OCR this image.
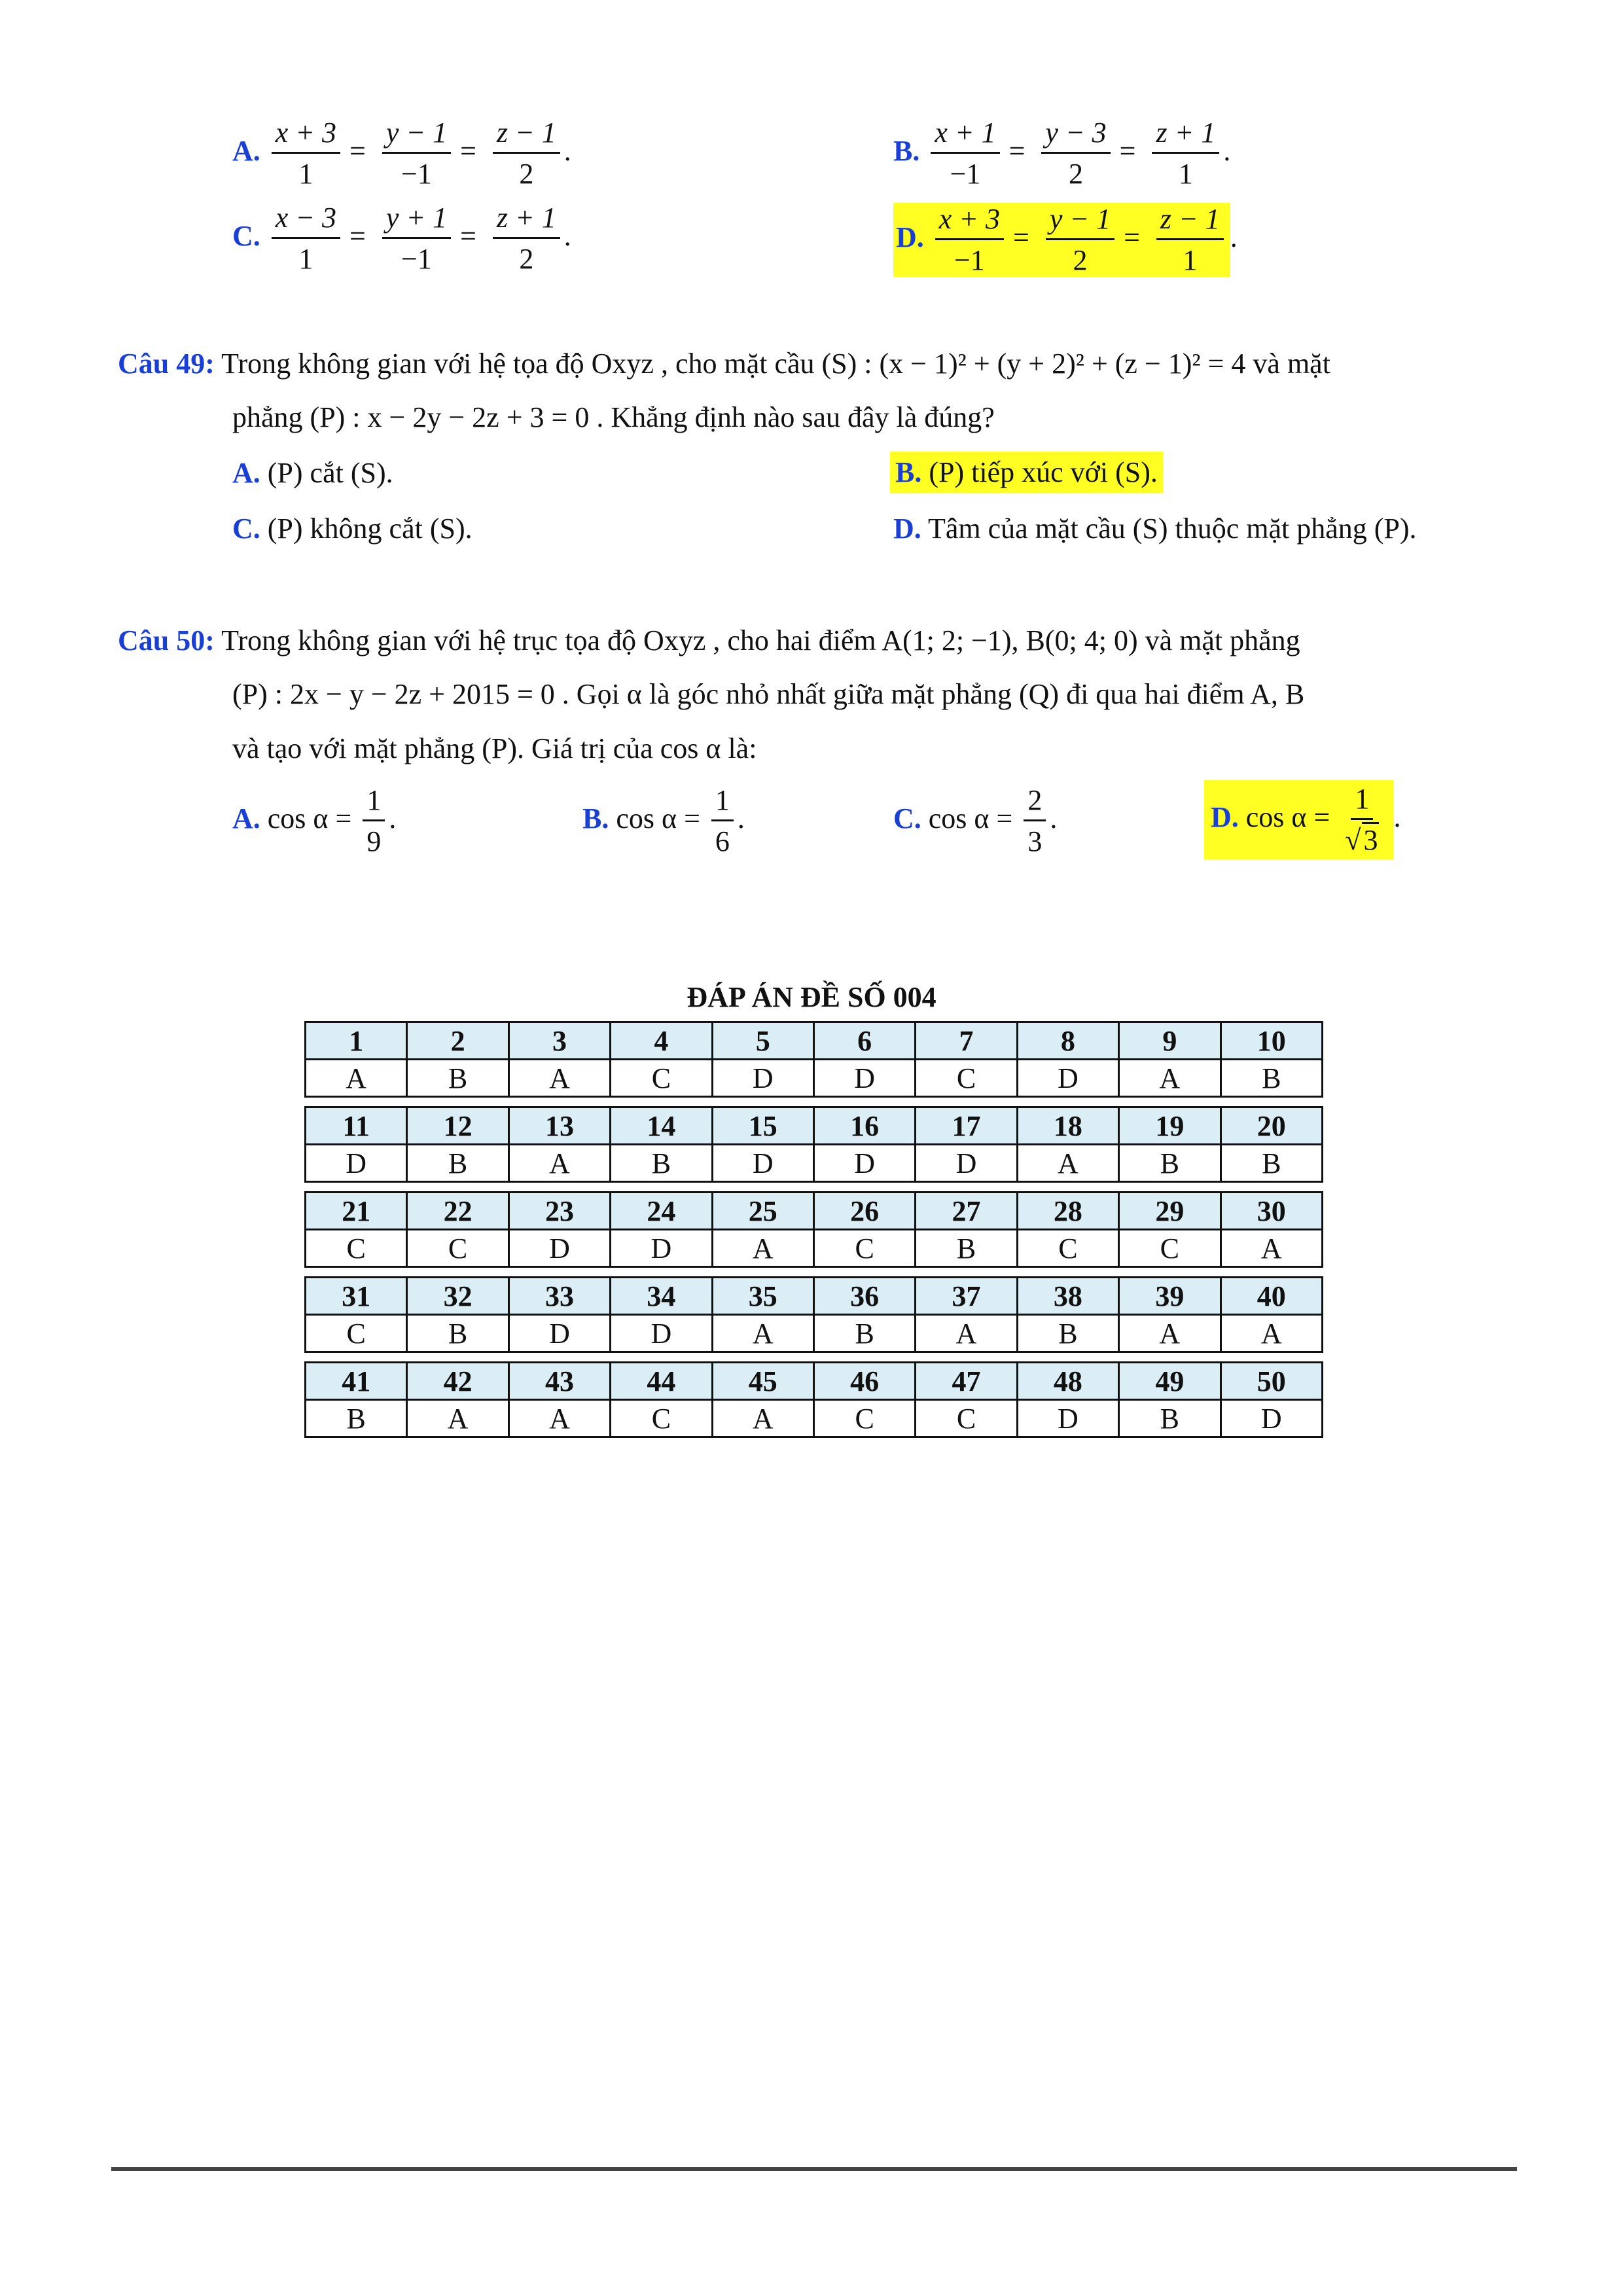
A. $\frac{x + 3}{1} = \frac{y - 1}{-1} = \frac{z - 1}{2}$ .	B. $\frac{x + 1}{-1} = \frac{y - 3}{2} = \frac{z + 1}{1}$ .
C. $\frac{x - 3}{1} = \frac{y + 1}{-1} = \frac{z + 1}{2}$ .	D. $\frac{x + 3}{-1} = \frac{y - 1}{2} = \frac{z - 1}{1}$ .
Câu 49: Trong không gian với hệ tọa độ Oxyz , cho mặt cầu (S) : (x − 1)² + (y + 2)² + (z − 1)² = 4 và mặt
phẳng (P) : x − 2y − 2z + 3 = 0 . Khẳng định nào sau đây là đúng?
A. (P) cắt (S).	B. (P) tiếp xúc với (S).
C. (P) không cắt (S).	D. Tâm của mặt cầu (S) thuộc mặt phẳng (P).
Câu 50: Trong không gian với hệ trục tọa độ Oxyz , cho hai điểm A(1; 2; −1), B(0; 4; 0) và mặt phẳng
(P) : 2x − y − 2z + 2015 = 0 . Gọi α là góc nhỏ nhất giữa mặt phẳng (Q) đi qua hai điểm A, B
và tạo với mặt phẳng (P). Giá trị của cos α là:
A. $\cos \alpha = \frac{1}{9}$ .	B. $\cos \alpha = \frac{1}{6}$ .	C. $\cos \alpha = \frac{2}{3}$ .	D. $\cos \alpha = \frac{1}{√3}$ .
ĐÁP ÁN ĐỀ SỐ 004
1	2	3	4	5	6	7	8	9	10
A	B	A	C	D	D	C	D	A	B
11	12	13	14	15	16	17	18	19	20
D	B	A	B	D	D	D	A	B	B
21	22	23	24	25	26	27	28	29	30
C	C	D	D	A	C	B	C	C	A
31	32	33	34	35	36	37	38	39	40
C	B	D	D	A	B	A	B	A	A
41	42	43	44	45	46	47	48	49	50
B	A	A	C	A	C	C	D	B	D
